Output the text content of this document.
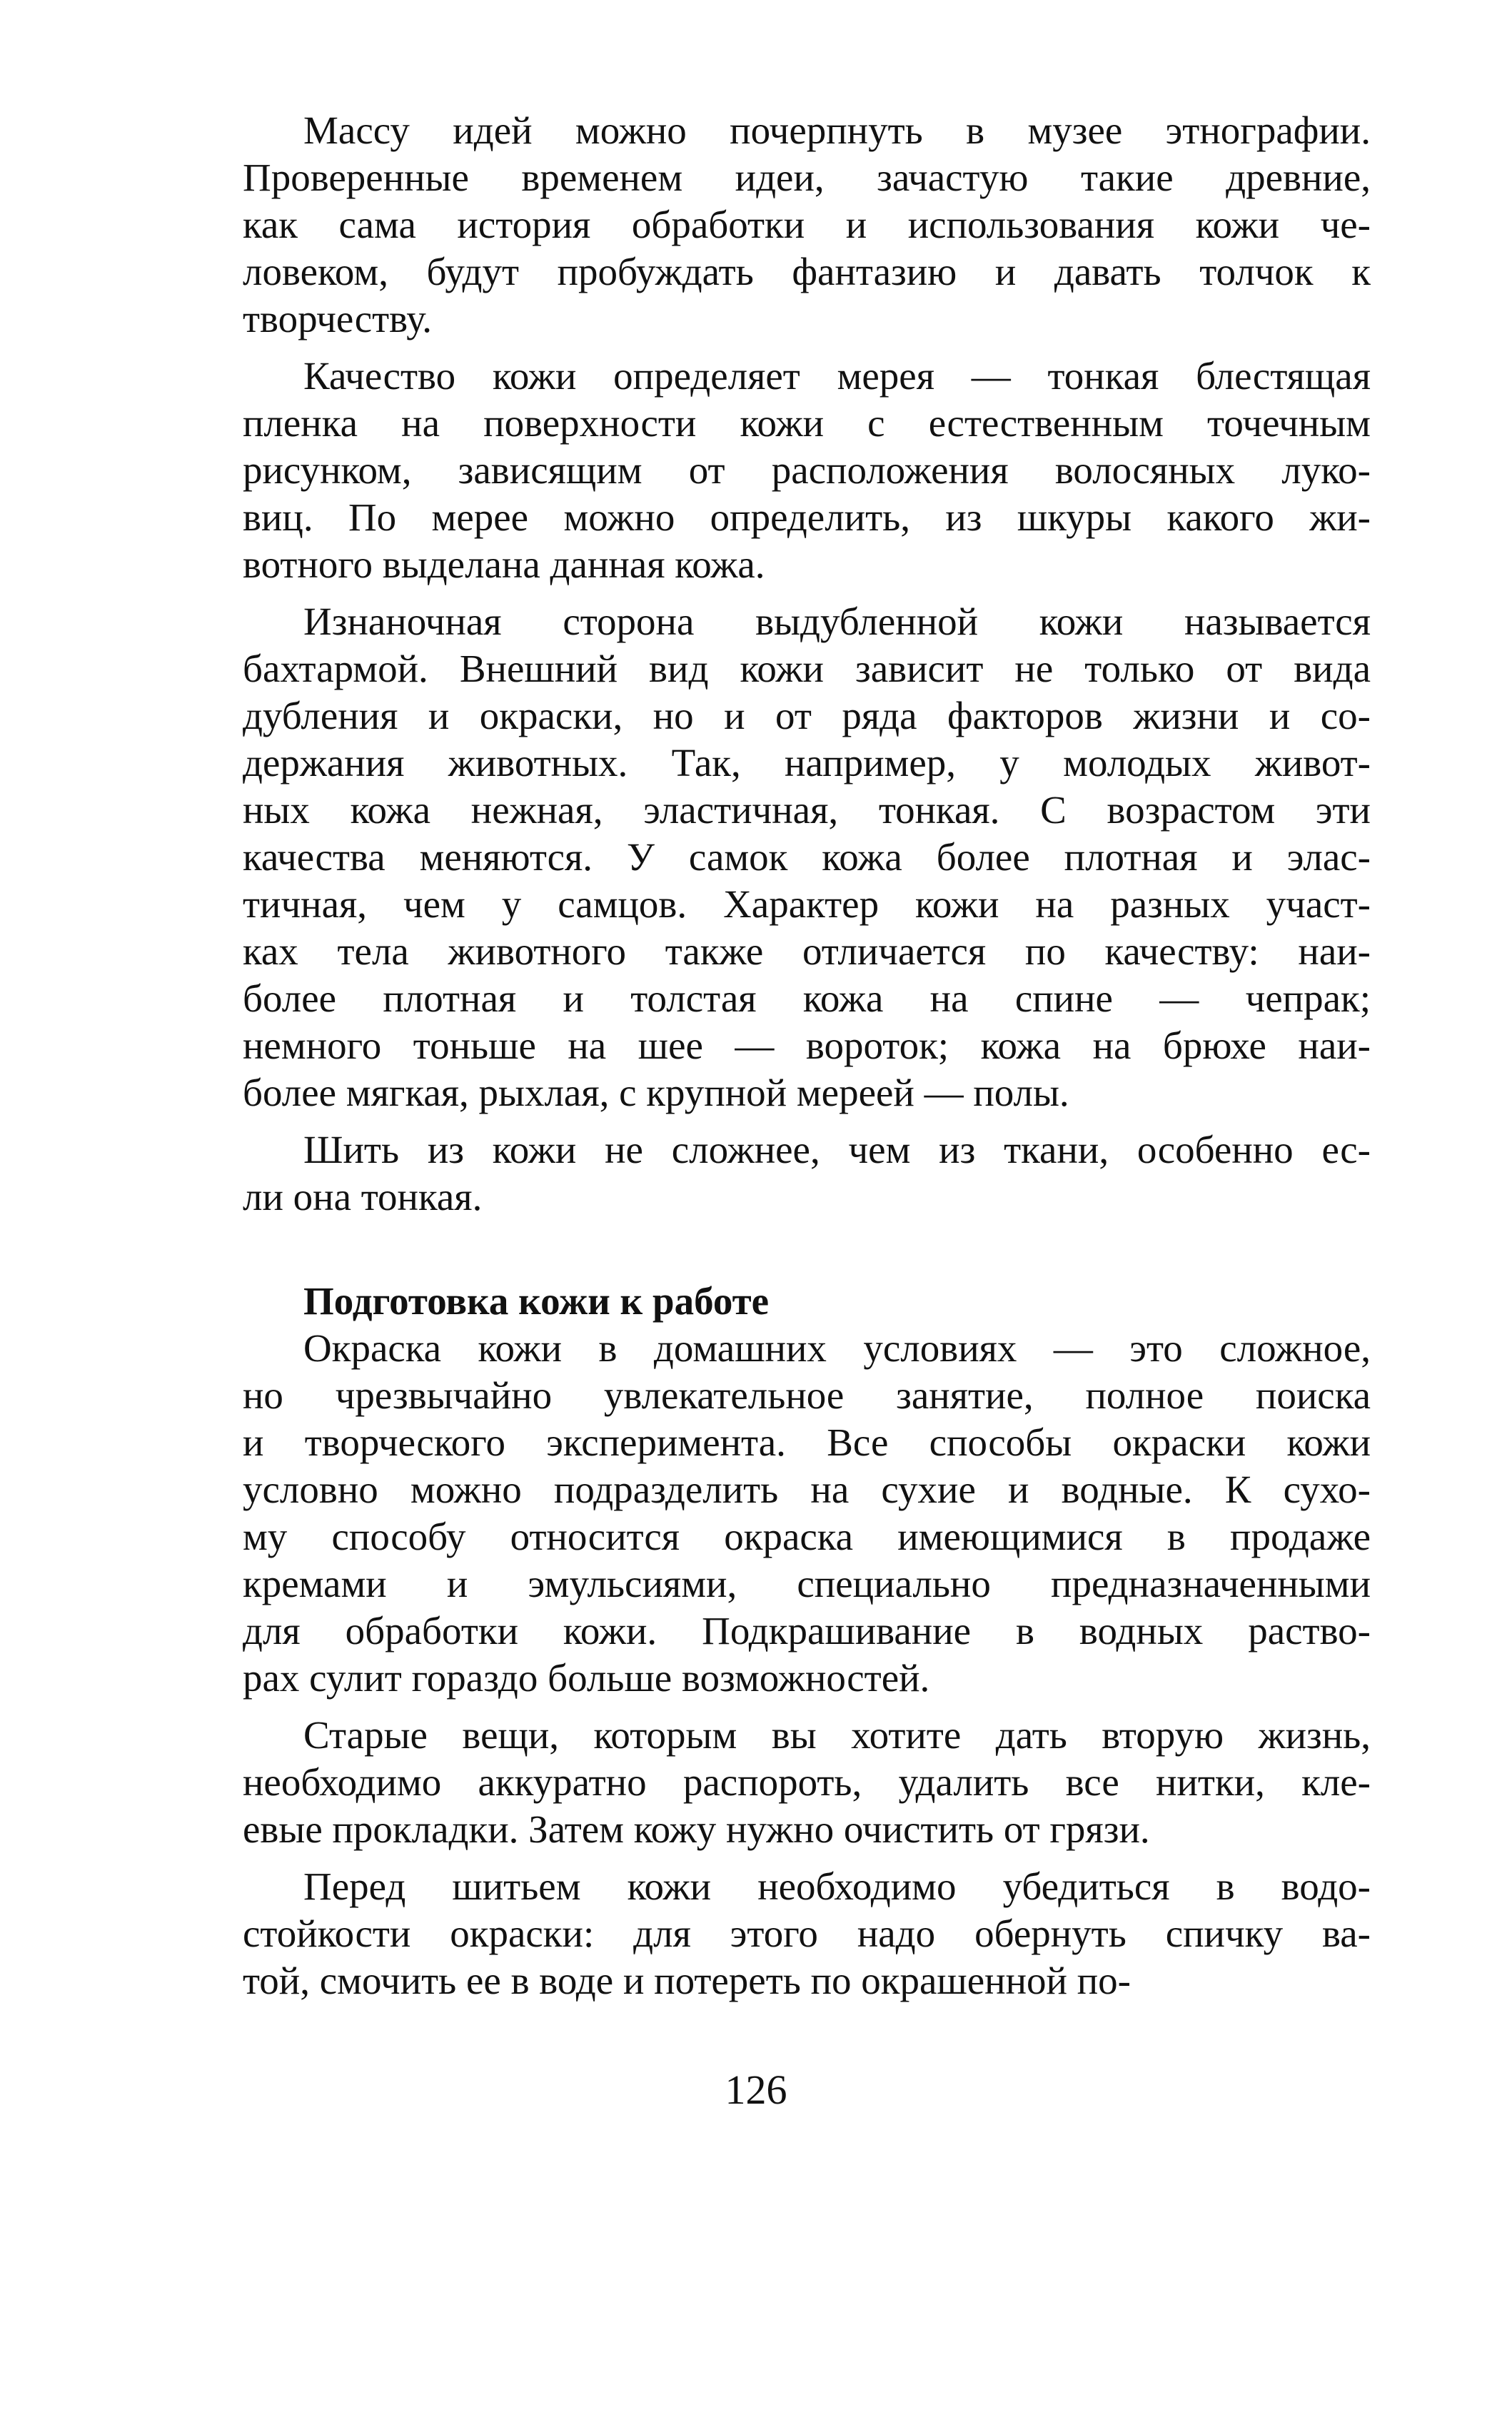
Массу идей можно почерпнуть в музее этнографии.
Проверенные временем идеи, зачастую такие древние,
как сама история обработки и использования кожи че-
ловеком, будут пробуждать фантазию и давать толчок к
творчеству.
Качество кожи определяет мерея — тонкая блестящая
пленка на поверхности кожи с естественным точечным
рисунком, зависящим от расположения волосяных луко-
виц. По мерее можно определить, из шкуры какого жи-
вотного выделана данная кожа.
Изнаночная сторона выдубленной кожи называется
бахтармой. Внешний вид кожи зависит не только от вида
дубления и окраски, но и от ряда факторов жизни и со-
держания животных. Так, например, у молодых живот-
ных кожа нежная, эластичная, тонкая. С возрастом эти
качества меняются. У самок кожа более плотная и элас-
тичная, чем у самцов. Характер кожи на разных участ-
ках тела животного также отличается по качеству: наи-
более плотная и толстая кожа на спине — чепрак;
немного тоньше на шее — вороток; кожа на брюхе наи-
более мягкая, рыхлая, с крупной мереей — полы.
Шить из кожи не сложнее, чем из ткани, особенно ес-
ли она тонкая.
Подготовка кожи к работе
Окраска кожи в домашних условиях — это сложное,
но чрезвычайно увлекательное занятие, полное поиска
и творческого эксперимента. Все способы окраски кожи
условно можно подразделить на сухие и водные. К сухо-
му способу относится окраска имеющимися в продаже
кремами и эмульсиями, специально предназначенными
для обработки кожи. Подкрашивание в водных раство-
рах сулит гораздо больше возможностей.
Старые вещи, которым вы хотите дать вторую жизнь,
необходимо аккуратно распороть, удалить все нитки, кле-
евые прокладки. Затем кожу нужно очистить от грязи.
Перед шитьем кожи необходимо убедиться в водо-
стойкости окраски: для этого надо обернуть спичку ва-
той, смочить ее в воде и потереть по окрашенной по-
126
